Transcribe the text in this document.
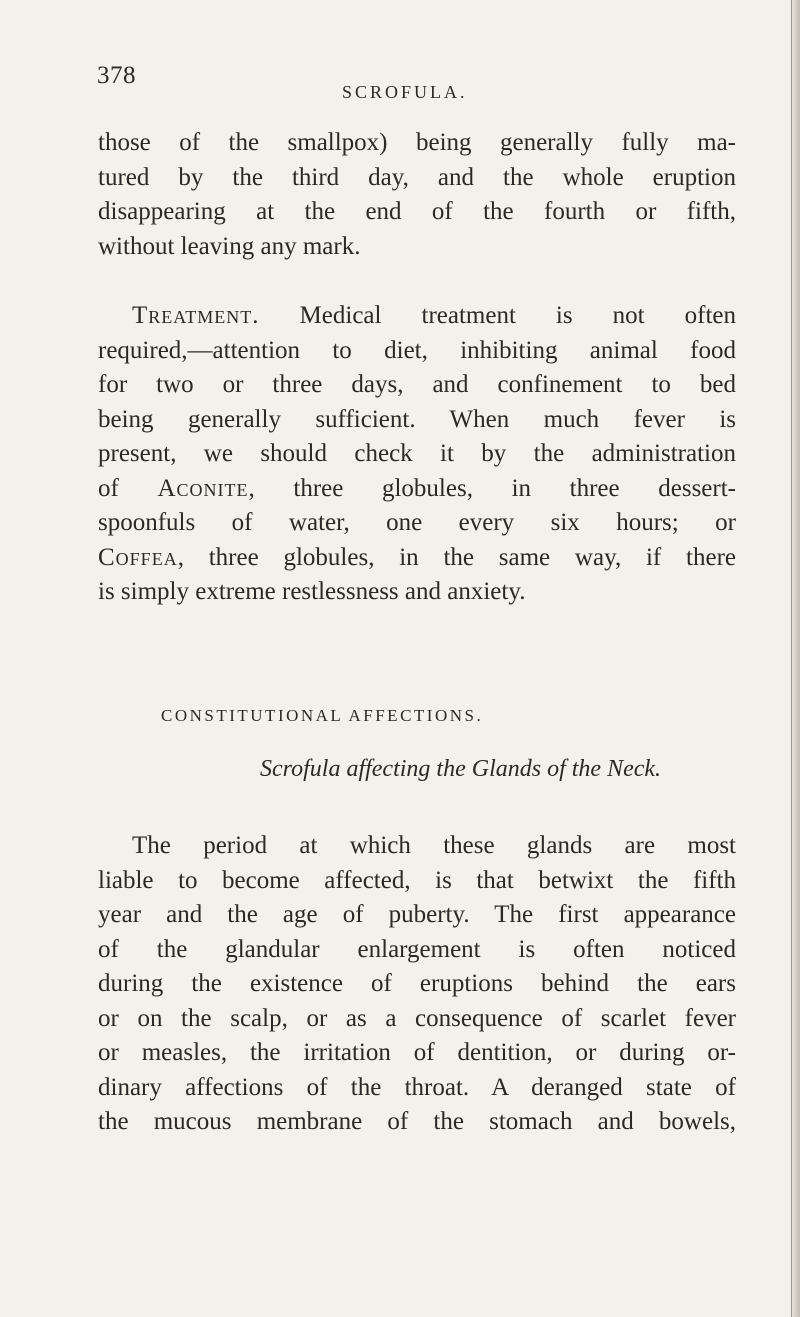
378
SCROFULA.
those of the smallpox) being generally fully ma-
tured by the third day, and the whole eruption
disappearing at the end of the fourth or fifth,
without leaving any mark.
Treatment. Medical treatment is not often
required,—attention to diet, inhibiting animal food
for two or three days, and confinement to bed
being generally sufficient. When much fever is
present, we should check it by the administration
of Aconite, three globules, in three dessert-
spoonfuls of water, one every six hours; or
Coffea, three globules, in the same way, if there
is simply extreme restlessness and anxiety.
CONSTITUTIONAL AFFECTIONS.
Scrofula affecting the Glands of the Neck.
The period at which these glands are most
liable to become affected, is that betwixt the fifth
year and the age of puberty. The first appearance
of the glandular enlargement is often noticed
during the existence of eruptions behind the ears
or on the scalp, or as a consequence of scarlet fever
or measles, the irritation of dentition, or during or-
dinary affections of the throat. A deranged state of
the mucous membrane of the stomach and bowels,
